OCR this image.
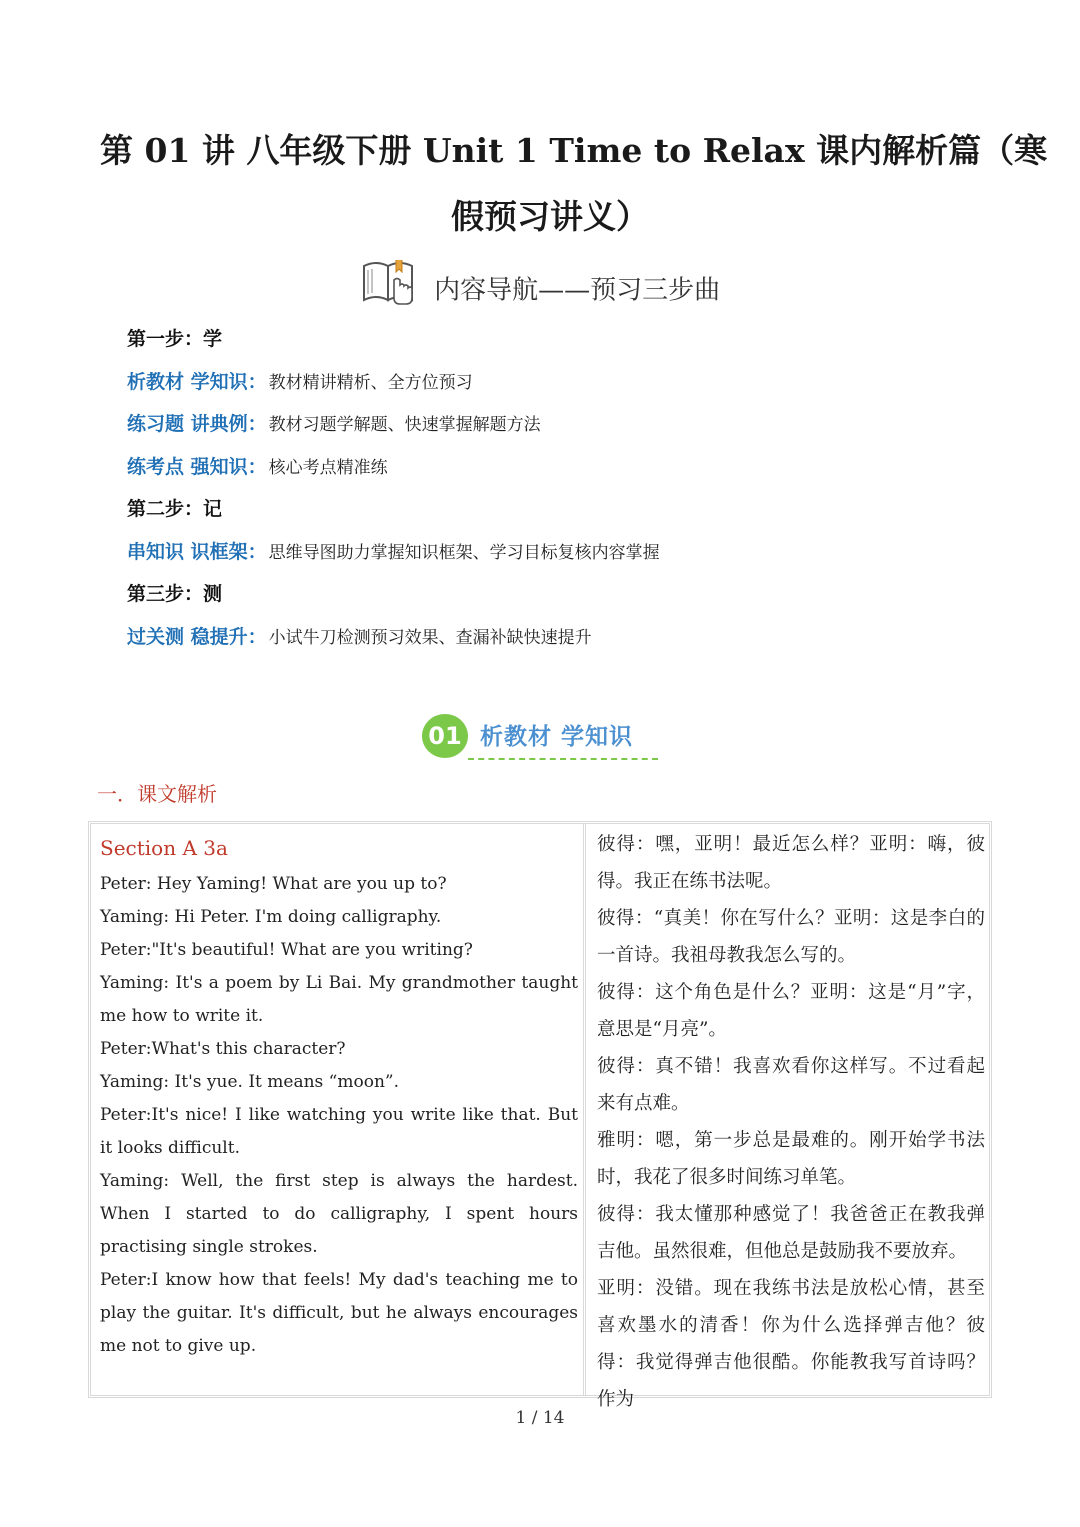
第 01 讲 八年级下册 Unit 1 Time to Relax 课内解析篇（寒
假预习讲义）
内容导航——预习三步曲
第一步：学
析教材 学知识： 教材精讲精析、全方位预习
练习题 讲典例： 教材习题学解题、快速掌握解题方法
练考点 强知识： 核心考点精准练
第二步：记
串知识 识框架： 思维导图助力掌握知识框架、学习目标复核内容掌握
第三步：测
过关测 稳提升： 小试牛刀检测预习效果、查漏补缺快速提升
01 析教材 学知识
一．课文解析

Section A 3a

Peter: Hey Yaming! What are you up to?

Yaming: Hi Peter. I'm doing calligraphy.

Peter:"It's beautiful! What are you writing?

Yaming: It's a poem by Li Bai. My grandmother taught me how to write it.

Peter:What's this character?

Yaming: It's yue. It means “moon”.

Peter:It's nice! I like watching you write like that. But it looks difficult.

Yaming: Well, the first step is always the hardest. When I started to do calligraphy, I spent hours practising single strokes.

Peter:I know how that feels! My dad's teaching me to play the guitar. It's difficult, but he always encourages me not to give up.

彼得：嘿，亚明！最近怎么样？亚明：嗨，彼得。我正在练书法呢。

彼得：“真美！你在写什么？亚明：这是李白的一首诗。我祖母教我怎么写的。

彼得：这个角色是什么？亚明：这是“月”字，意思是“月亮”。

彼得：真不错！我喜欢看你这样写。不过看起来有点难。

雅明：嗯，第一步总是最难的。刚开始学书法时，我花了很多时间练习单笔。

彼得：我太懂那种感觉了！我爸爸正在教我弹吉他。虽然很难，但他总是鼓励我不要放弃。

亚明：没错。现在我练书法是放松心情，甚至喜欢墨水的清香！你为什么选择弹吉他？彼得：我觉得弹吉他很酷。你能教我写首诗吗？作为

1 / 14
